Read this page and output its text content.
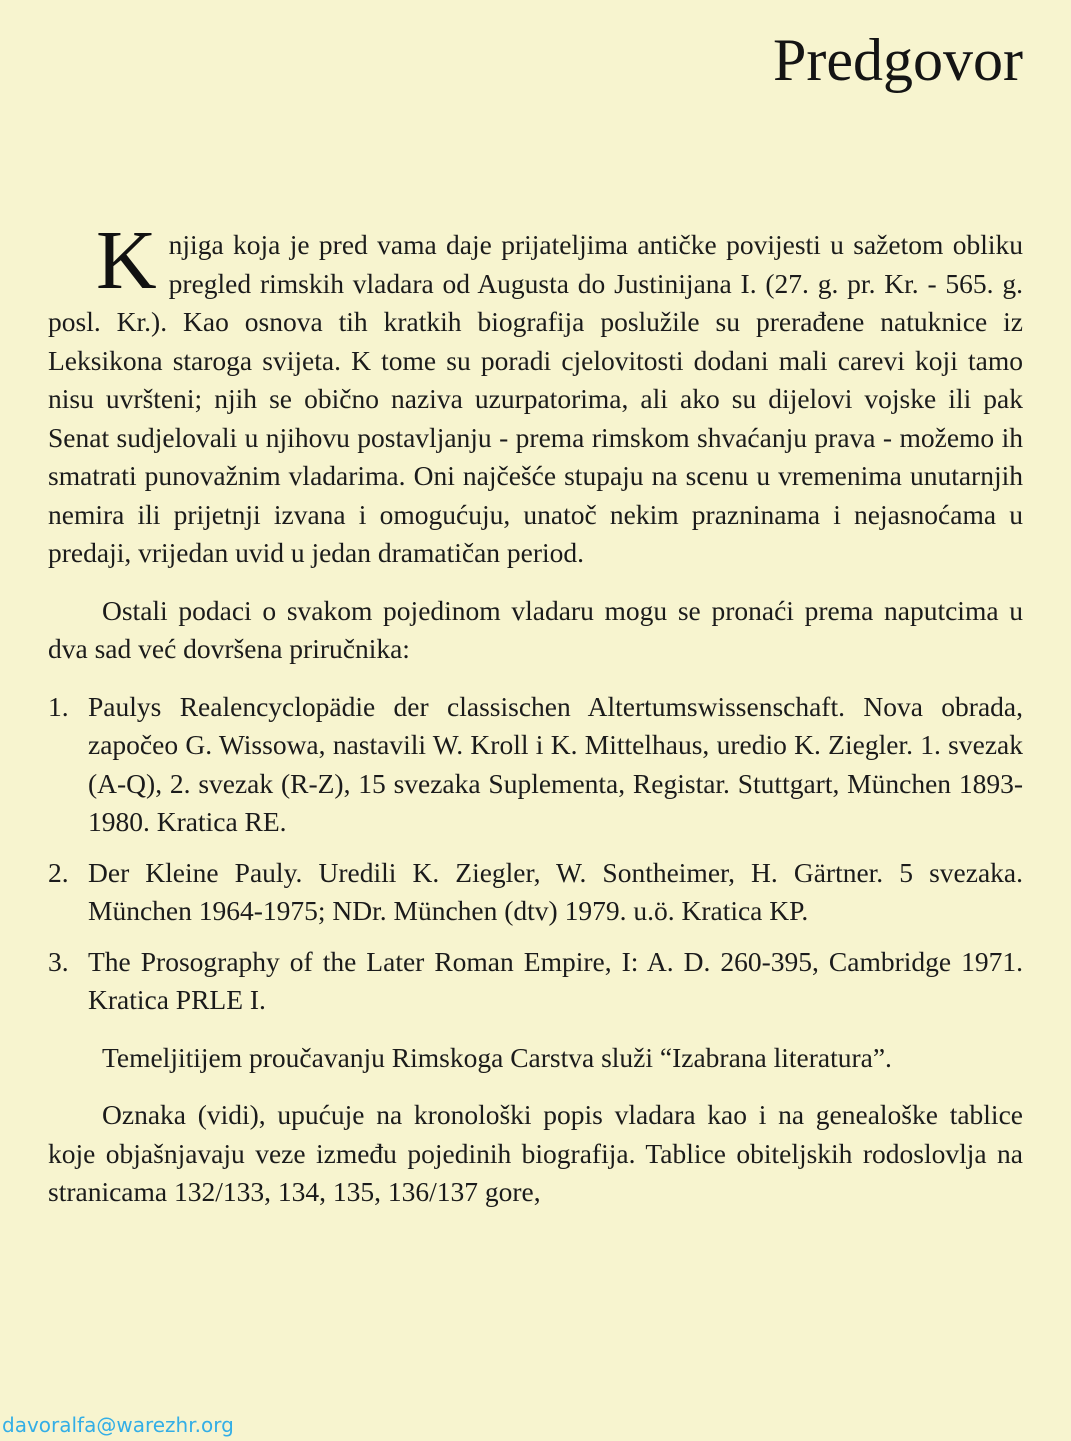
Predgovor

Knjiga koja je pred vama daje prijateljima antičke povijesti u sažetom obliku pregled rimskih vladara od Augusta do Justinijana I. (27. g. pr. Kr. - 565. g. posl. Kr.). Kao osnova tih kratkih biografija poslužile su prerađene natuknice iz Leksikona staroga svijeta. K tome su poradi cjelovitosti dodani mali carevi koji tamo nisu uvršteni; njih se obično naziva uzurpatorima, ali ako su dijelovi vojske ili pak Senat sudjelovali u njihovu postavljanju - prema rimskom shvaćanju prava - možemo ih smatrati punovažnim vladarima. Oni najčešće stupaju na scenu u vremenima unutarnjih nemira ili prijetnji izvana i omogućuju, unatoč nekim prazninama i nejasnoćama u predaji, vrijedan uvid u jedan dramatičan period.

Ostali podaci o svakom pojedinom vladaru mogu se pronaći prema naputcima u dva sad već dovršena priručnika:

1. Paulys Realencyclopädie der classischen Altertumswissenschaft. Nova obrada, započeo G. Wissowa, nastavili W. Kroll i K. Mittelhaus, uredio K. Ziegler. 1. svezak (A-Q), 2. svezak (R-Z), 15 svezaka Suplementa, Registar. Stuttgart, München 1893-1980. Kratica RE.
2. Der Kleine Pauly. Uredili K. Ziegler, W. Sontheimer, H. Gärtner. 5 svezaka. München 1964-1975; NDr. München (dtv) 1979. u.ö. Kratica KP.
3. The Prosography of the Later Roman Empire, I: A. D. 260-395, Cambridge 1971. Kratica PRLE I.

Temeljitijem proučavanju Rimskoga Carstva služi “Izabrana literatura”.

Oznaka (vidi), upućuje na kronološki popis vladara kao i na genealoške tablice koje objašnjavaju veze između pojedinih biografija. Tablice obiteljskih rodoslovlja na stranicama 132/133, 134, 135, 136/137 gore,

davoralfa@warezhr.org
